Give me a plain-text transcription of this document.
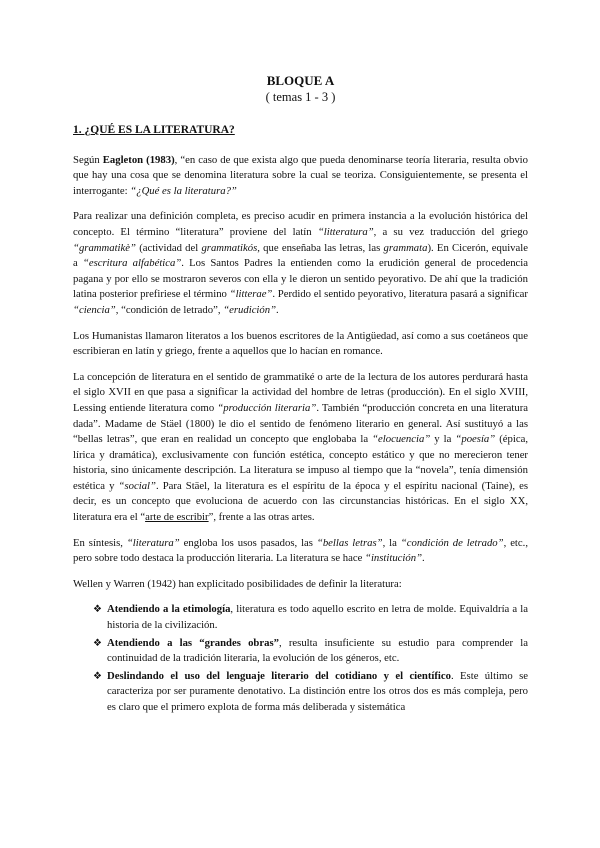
BLOQUE A
( temas 1 - 3 )
1. ¿QUÉ ES LA LITERATURA?

Según Eagleton (1983), “en caso de que exista algo que pueda denominarse teoría literaria, resulta obvio que hay una cosa que se denomina literatura sobre la cual se teoriza. Consiguientemente, se presenta el interrogante: “¿Qué es la literatura?”

Para realizar una definición completa, es preciso acudir en primera instancia a la evolución histórica del concepto. El término “literatura” proviene del latín “litteratura”, a su vez traducción del griego “grammatikè” (actividad del grammatikós, que enseñaba las letras, las grammata). En Cicerón, equivale a “escritura alfabética”. Los Santos Padres la entienden como la erudición general de procedencia pagana y por ello se mostraron severos con ella y le dieron un sentido peyorativo. De ahí que la tradición latina posterior prefiriese el término “litterae”. Perdido el sentido peyorativo, literatura pasará a significar “ciencia”, “condición de letrado”, “erudición”.

Los Humanistas llamaron literatos a los buenos escritores de la Antigüedad, así como a sus coetáneos que escribieran en latín y griego, frente a aquellos que lo hacían en romance.

La concepción de literatura en el sentido de grammatiké o arte de la lectura de los autores perdurará hasta el siglo XVII en que pasa a significar la actividad del hombre de letras (producción). En el siglo XVIII, Lessing entiende literatura como “producción literaria”. También “producción concreta en una literatura dada”. Madame de Stäel (1800) le dio el sentido de fenómeno literario en general. Así sustituyó a las “bellas letras”, que eran en realidad un concepto que englobaba la “elocuencia” y la “poesía” (épica, lírica y dramática), exclusivamente con función estética, concepto estático y que no merecieron tener historia, sino únicamente descripción. La literatura se impuso al tiempo que la “novela”, tenía dimensión estética y “social”. Para Stäel, la literatura es el espíritu de la época y el espíritu nacional (Taine), es decir, es un concepto que evoluciona de acuerdo con las circunstancias históricas. En el siglo XX, literatura era el “arte de escribir”, frente a las otras artes.

En síntesis, “literatura” engloba los usos pasados, las “bellas letras”, la “condición de letrado”, etc., pero sobre todo destaca la producción literaria. La literatura se hace “institución”.

Wellen y Warren (1942) han explicitado posibilidades de definir la literatura:

❖ Atendiendo a la etimología, literatura es todo aquello escrito en letra de molde. Equivaldría a la historia de la civilización.
❖ Atendiendo a las “grandes obras”, resulta insuficiente su estudio para comprender la continuidad de la tradición literaria, la evolución de los géneros, etc.
❖ Deslindando el uso del lenguaje literario del cotidiano y el científico. Este último se caracteriza por ser puramente denotativo. La distinción entre los otros dos es más compleja, pero es claro que el primero explota de forma más deliberada y sistemática
